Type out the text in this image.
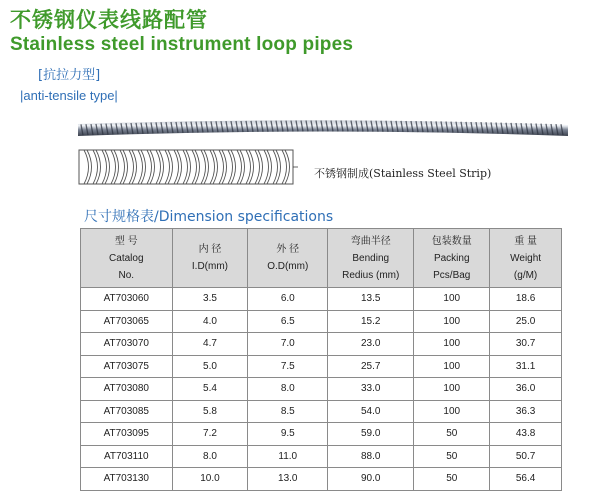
不锈钢仪表线路配管
Stainless steel instrument loop pipes
[抗拉力型]
|anti-tensile type|
不锈钢制成(Stainless Steel Strip)
尺寸规格表/Dimension specifications
型 号
Catalog
No.	内 径
I.D(mm)	外 径
O.D(mm)	弯曲半径
Bending
Redius (mm)	包装数量
Packing
Pcs/Bag	重 量
Weight
(g/M)

AT703060	3.5	6.0	13.5	100	18.6
AT703065	4.0	6.5	15.2	100	25.0
AT703070	4.7	7.0	23.0	100	30.7
AT703075	5.0	7.5	25.7	100	31.1
AT703080	5.4	8.0	33.0	100	36.0
AT703085	5.8	8.5	54.0	100	36.3
AT703095	7.2	9.5	59.0	50	43.8
AT703110	8.0	11.0	88.0	50	50.7
AT703130	10.0	13.0	90.0	50	56.4
